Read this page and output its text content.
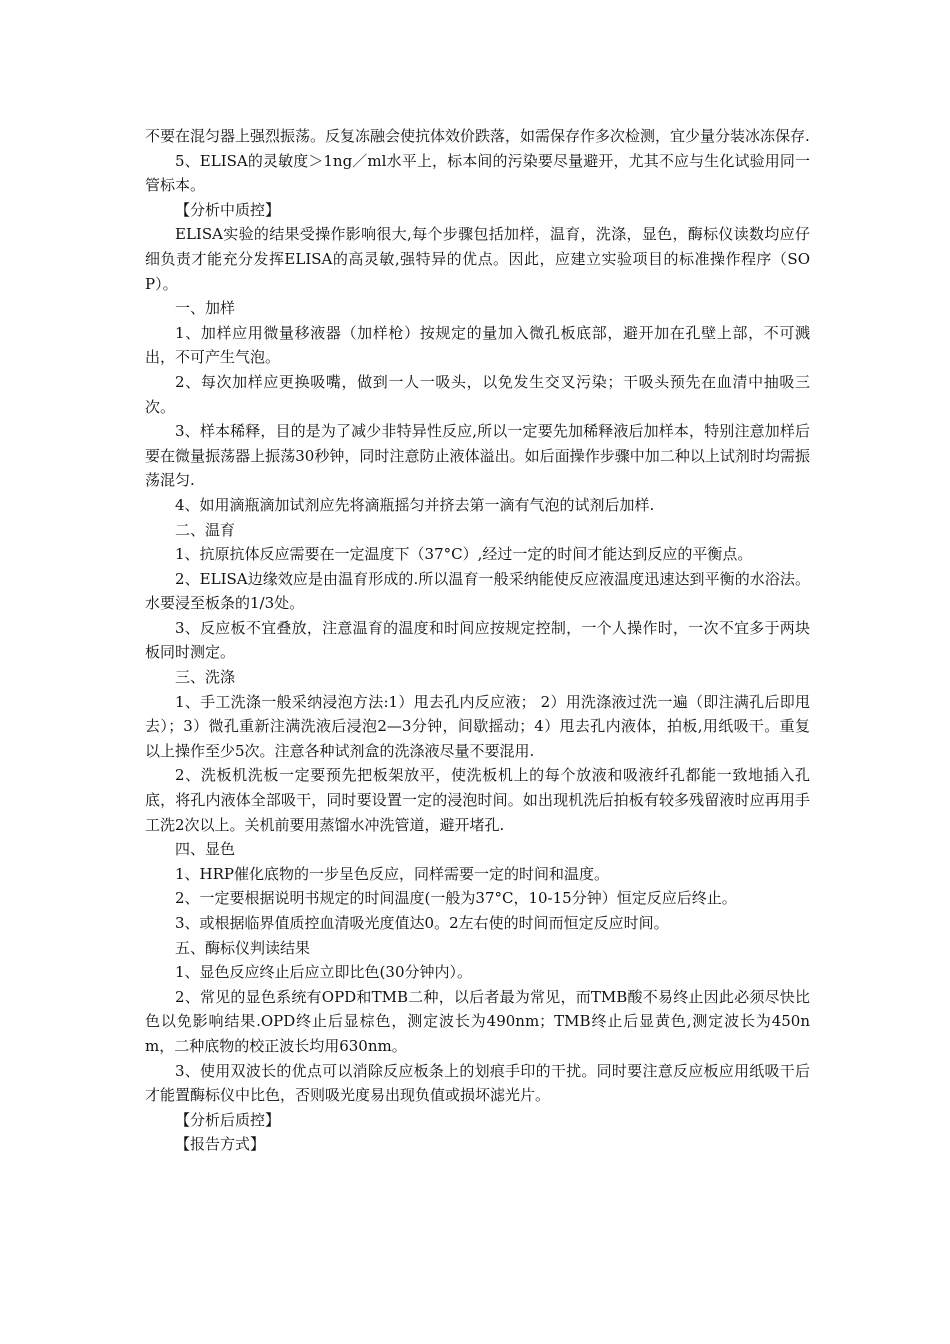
不要在混匀器上强烈振荡。反复冻融会使抗体效价跌落，如需保存作多次检测，宜少量分装冰冻保存.

5、ELISA的灵敏度＞1ng／ml水平上，标本间的污染要尽量避开，尤其不应与生化试验用同一管标本。

【分析中质控】

ELISA实验的结果受操作影响很大,每个步骤包括加样，温育，洗涤，显色，酶标仪读数均应仔细负责才能充分发挥ELISA的高灵敏,强特异的优点。因此，应建立实验项目的标准操作程序（SOP）。

一、加样

1、加样应用微量移液器（加样枪）按规定的量加入微孔板底部，避开加在孔壁上部，不可溅出，不可产生气泡。

2、每次加样应更换吸嘴，做到一人一吸头，以免发生交叉污染；干吸头预先在血清中抽吸三次。

3、样本稀释，目的是为了减少非特异性反应,所以一定要先加稀释液后加样本，特别注意加样后要在微量振荡器上振荡30秒钟，同时注意防止液体溢出。如后面操作步骤中加二种以上试剂时均需振荡混匀.

4、如用滴瓶滴加试剂应先将滴瓶摇匀并挤去第一滴有气泡的试剂后加样.

二、温育

1、抗原抗体反应需要在一定温度下（37°C）,经过一定的时间才能达到反应的平衡点。

2、ELISA边缘效应是由温育形成的.所以温育一般采纳能使反应液温度迅速达到平衡的水浴法。水要浸至板条的1/3处。

3、反应板不宜叠放，注意温育的温度和时间应按规定控制，一个人操作时，一次不宜多于两块板同时测定。

三、洗涤

1、手工洗涤一般采纳浸泡方法:1）甩去孔内反应液； 2）用洗涤液过洗一遍（即注满孔后即甩去）；3）微孔重新注满洗液后浸泡2—3分钟，间歇摇动；4）甩去孔内液体，拍板,用纸吸干。重复以上操作至少5次。注意各种试剂盒的洗涤液尽量不要混用.

2、洗板机洗板一定要预先把板架放平，使洗板机上的每个放液和吸液纤孔都能一致地插入孔底，将孔内液体全部吸干，同时要设置一定的浸泡时间。如出现机洗后拍板有较多残留液时应再用手工洗2次以上。关机前要用蒸馏水冲洗管道，避开堵孔.

四、显色

1、HRP催化底物的一步呈色反应，同样需要一定的时间和温度。

2、一定要根据说明书规定的时间温度(一般为37°C，10-15分钟）恒定反应后终止。

3、或根据临界值质控血清吸光度值达0。2左右使的时间而恒定反应时间。

五、酶标仪判读结果

1、显色反应终止后应立即比色(30分钟内）。

2、常见的显色系统有OPD和TMB二种，以后者最为常见，而TMB酸不易终止因此必须尽快比色以免影响结果.OPD终止后显棕色，测定波长为490nm；TMB终止后显黄色,测定波长为450nm，二种底物的校正波长均用630nm。

3、使用双波长的优点可以消除反应板条上的划痕手印的干扰。同时要注意反应板应用纸吸干后才能置酶标仪中比色，否则吸光度易出现负值或损坏滤光片。

【分析后质控】

【报告方式】
